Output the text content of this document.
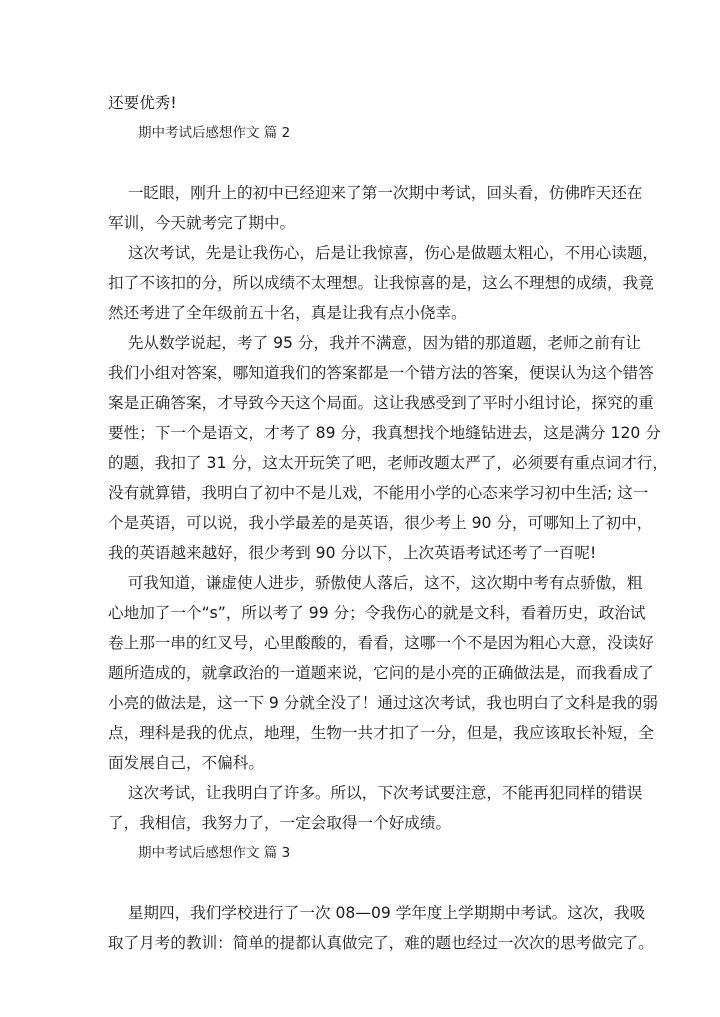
还要优秀!

期中考试后感想作文 篇 2

一眨眼，刚升上的初中已经迎来了第一次期中考试，回头看，仿佛昨天还在

军训，今天就考完了期中。

这次考试，先是让我伤心，后是让我惊喜，伤心是做题太粗心，不用心读题，

扣了不该扣的分，所以成绩不太理想。让我惊喜的是，这么不理想的成绩，我竟

然还考进了全年级前五十名，真是让我有点小侥幸。

先从数学说起，考了 95 分，我并不满意，因为错的那道题，老师之前有让

我们小组对答案，哪知道我们的答案都是一个错方法的答案，便误认为这个错答

案是正确答案，才导致今天这个局面。这让我感受到了平时小组讨论，探究的重

要性；下一个是语文，才考了 89 分，我真想找个地缝钻进去，这是满分 120 分

的题，我扣了 31 分，这太开玩笑了吧，老师改题太严了，必须要有重点词才行，

没有就算错，我明白了初中不是儿戏，不能用小学的心态来学习初中生活; 这一

个是英语，可以说，我小学最差的是英语，很少考上 90 分，可哪知上了初中，

我的英语越来越好，很少考到 90 分以下，上次英语考试还考了一百呢!

可我知道，谦虚使人进步，骄傲使人落后，这不，这次期中考有点骄傲，粗

心地加了一个“s”，所以考了 99 分；令我伤心的就是文科，看着历史，政治试

卷上那一串的红叉号，心里酸酸的，看看，这哪一个不是因为粗心大意，没读好

题所造成的，就拿政治的一道题来说，它问的是小亮的正确做法是，而我看成了

小亮的做法是，这一下 9 分就全没了！通过这次考试，我也明白了文科是我的弱

点，理科是我的优点，地理，生物一共才扣了一分，但是，我应该取长补短，全

面发展自己，不偏科。

这次考试，让我明白了许多。所以，下次考试要注意，不能再犯同样的错误

了，我相信，我努力了，一定会取得一个好成绩。

期中考试后感想作文 篇 3

星期四，我们学校进行了一次 08—09 学年度上学期期中考试。这次，我吸

取了月考的教训：简单的提都认真做完了，难的题也经过一次次的思考做完了。
